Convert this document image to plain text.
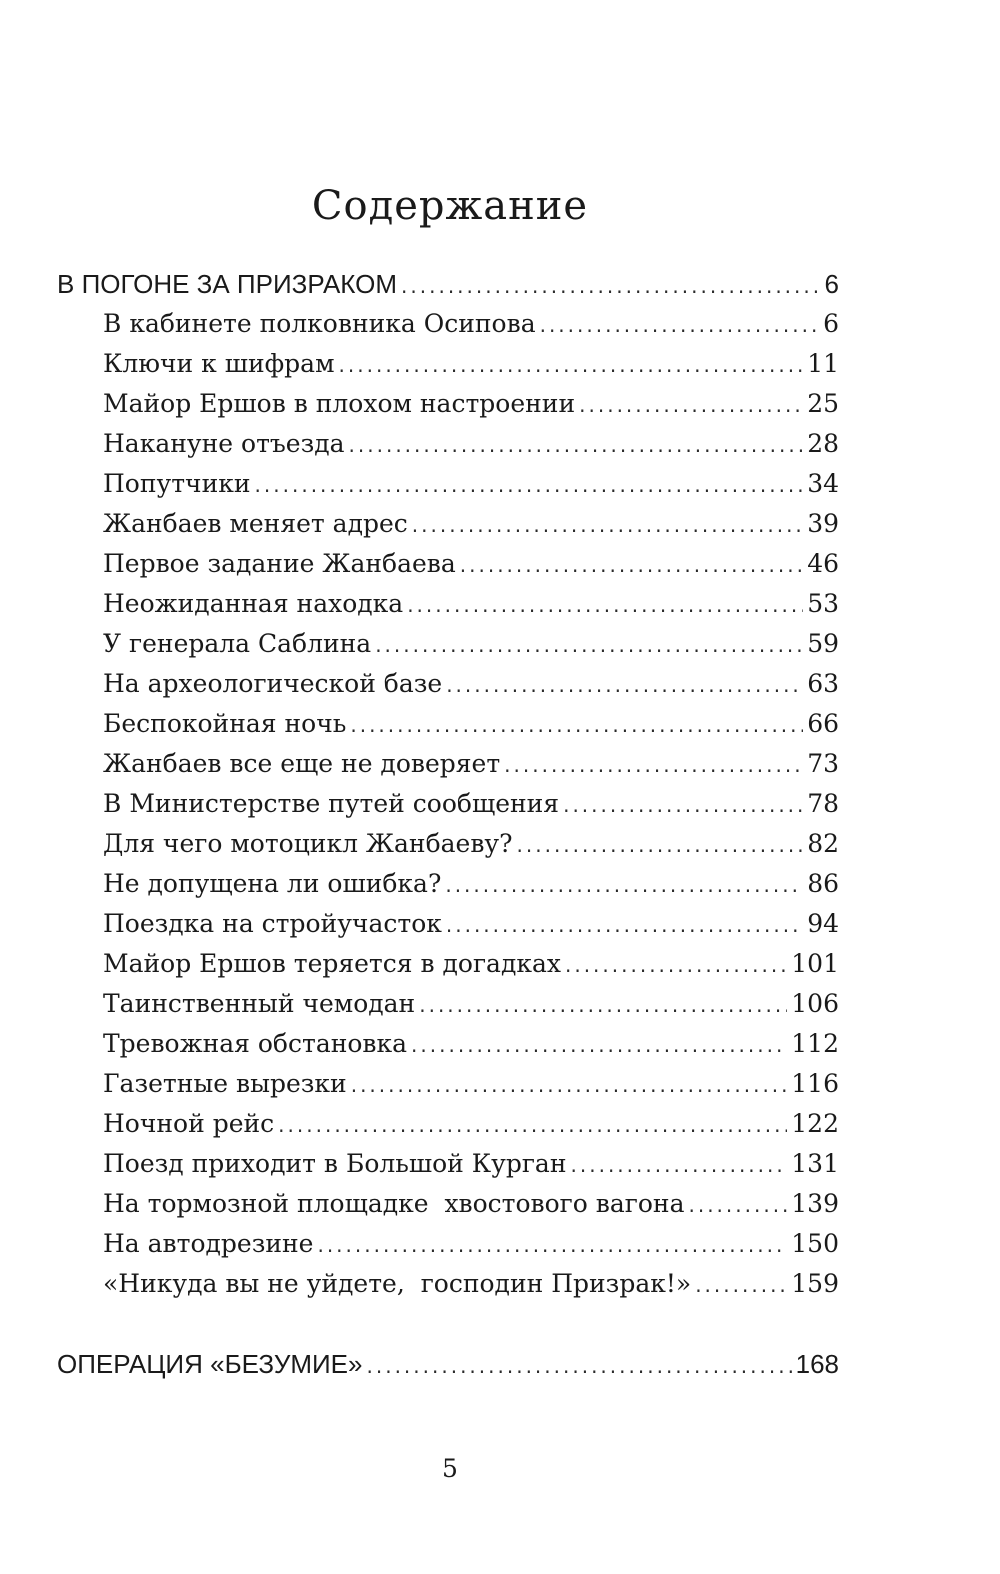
Содержание
В ПОГОНЕ ЗА ПРИЗРАКОМ .....	6
В кабинете полковника Осипова .....	6
Ключи к шифрам .....	11
Майор Ершов в плохом настроении .....	25
Накануне отъезда .....	28
Попутчики .....	34
Жанбаев меняет адрес .....	39
Первое задание Жанбаева .....	46
Неожиданная находка .....	53
У генерала Саблина .....	59
На археологической базе .....	63
Беспокойная ночь .....	66
Жанбаев все еще не доверяет .....	73
В Министерстве путей сообщения .....	78
Для чего мотоцикл Жанбаеву? .....	82
Не допущена ли ошибка? .....	86
Поездка на стройучасток .....	94
Майор Ершов теряется в догадках .....	101
Таинственный чемодан .....	106
Тревожная обстановка .....	112
Газетные вырезки .....	116
Ночной рейс .....	122
Поезд приходит в Большой Курган .....	131
На тормозной площадке  хвостового вагона .....	139
На автодрезине .....	150
«Никуда вы не уйдете,  господин Призрак!» .....	159
ОПЕРАЦИЯ «БЕЗУМИЕ» .....	168
5
